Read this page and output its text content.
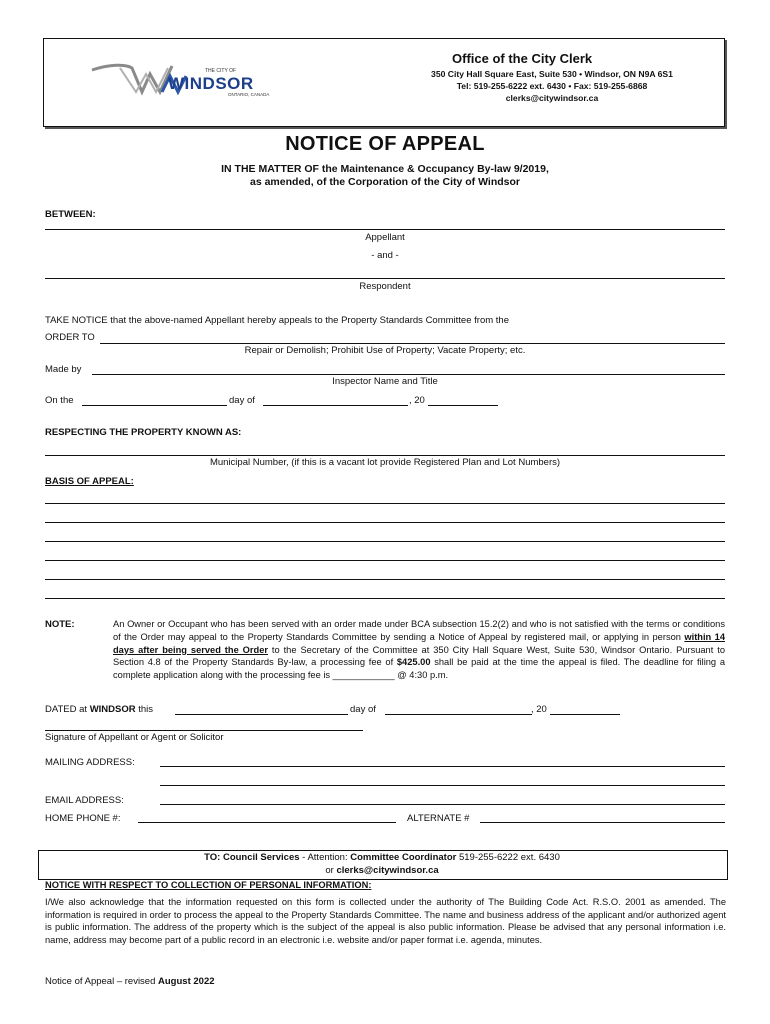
THE CITY OF
WINDSOR
ONTARIO, CANADA
Office of the City Clerk
350 City Hall Square East, Suite 530 • Windsor, ON N9A 6S1
Tel: 519-255-6222 ext. 6430 • Fax: 519-255-6868
clerks@citywindsor.ca
NOTICE OF APPEAL
IN THE MATTER OF the Maintenance & Occupancy By-law 9/2019,
as amended, of the Corporation of the City of Windsor
BETWEEN:
Appellant
- and -
Respondent
TAKE NOTICE that the above-named Appellant hereby appeals to the Property Standards Committee from the
ORDER TO
Repair or Demolish; Prohibit Use of Property; Vacate Property; etc.
Made by
Inspector Name and Title
On the	day of	, 20
RESPECTING THE PROPERTY KNOWN AS:
Municipal Number, (if this is a vacant lot provide Registered Plan and Lot Numbers)
BASIS OF APPEAL:
NOTE:	An Owner or Occupant who has been served with an order made under BCA subsection 15.2(2) and who is not satisfied with the terms or conditions of the Order may appeal to the Property Standards Committee by sending a Notice of Appeal by registered mail, or applying in person within 14 days after being served the Order to the Secretary of the Committee at 350 City Hall Square West, Suite 530, Windsor Ontario. Pursuant to Section 4.8 of the Property Standards By-law, a processing fee of $425.00 shall be paid at the time the appeal is filed. The deadline for filing a complete application along with the processing fee is ____________ @ 4:30 p.m.
DATED at WINDSOR this	day of	, 20
Signature of Appellant or Agent or Solicitor
MAILING ADDRESS:
EMAIL ADDRESS:
HOME PHONE #:	ALTERNATE #
TO: Council Services - Attention: Committee Coordinator 519-255-6222 ext. 6430
or clerks@citywindsor.ca
NOTICE WITH RESPECT TO COLLECTION OF PERSONAL INFORMATION:
I/We also acknowledge that the information requested on this form is collected under the authority of The Building Code Act. R.S.O. 2001 as amended. The information is required in order to process the appeal to the Property Standards Committee. The name and business address of the applicant and/or authorized agent is public information. The address of the property which is the subject of the appeal is also public information. Please be advised that any personal information i.e. name, address may become part of a public record in an electronic i.e. website and/or paper format i.e. agenda, minutes.
Notice of Appeal – revised August 2022
